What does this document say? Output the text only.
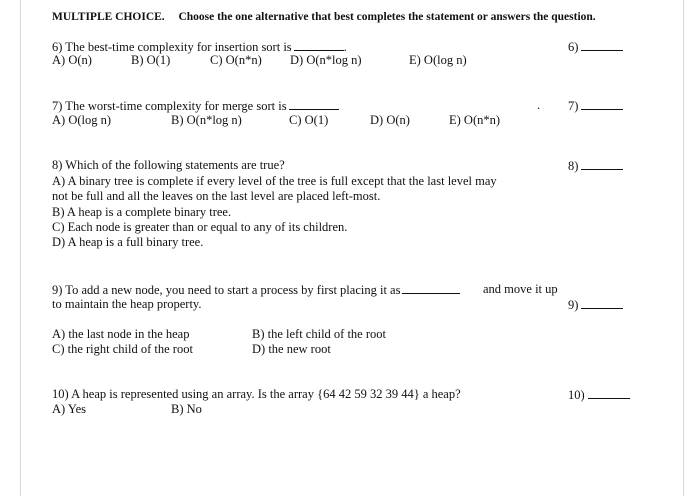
MULTIPLE CHOICE. Choose the one alternative that best completes the statement or answers the question.
6) The best-time complexity for insertion sort is	.	6)
A) O(n)	B) O(1)	C) O(n*n) D) O(n*log n)	E) O(log n)
7) The worst-time complexity for merge sort is	. 7)
A) O(log n)	B) O(n*log n)	C) O(1)	D) O(n)	E) O(n*n)
8) Which of the following statements are true?	8)
A) A binary tree is complete if every level of the tree is full except that the last level may
not be full and all the leaves on the last level are placed left-most.
B) A heap is a complete binary tree.
C) Each node is greater than or equal to any of its children.
D) A heap is a full binary tree.
9) To add a new node, you need to start a process by first placing it as	and move it up
to maintain the heap property.	9)
A) the last node in the heap	B) the left child of the root
C) the right child of the root	D) the new root
10) A heap is represented using an array. Is the array {64 42 59 32 39 44} a heap?	10)
A) Yes	B) No
